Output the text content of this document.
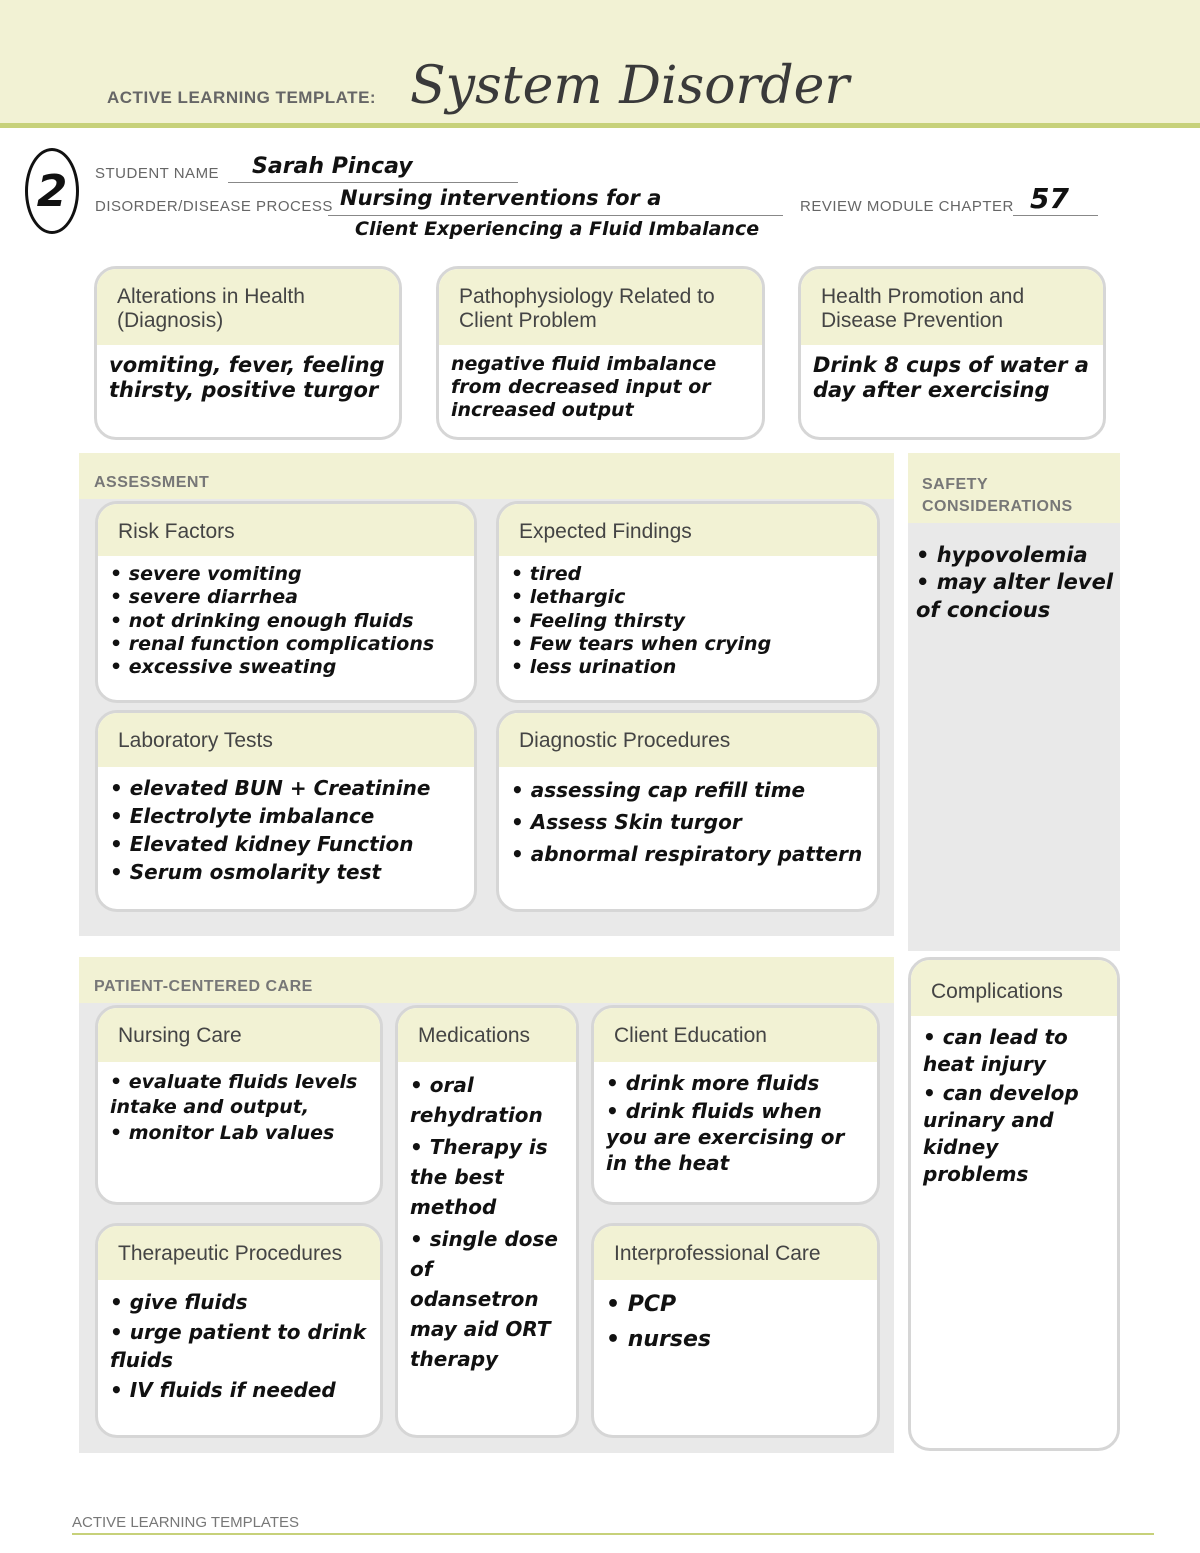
ACTIVE LEARNING TEMPLATE: System Disorder
2	STUDENT NAME Sarah Pincay
DISORDER/DISEASE PROCESS Nursing interventions for a
Client Experiencing a Fluid Imbalance
REVIEW MODULE CHAPTER 57
Alterations in Health (Diagnosis)
vomiting, fever, feeling thirsty, positive turgor
Pathophysiology Related to Client Problem
negative fluid imbalance from decreased input or increased output
Health Promotion and Disease Prevention
Drink 8 cups of water a day after exercising
ASSESSMENT
Risk Factors
• severe vomiting
• severe diarrhea
• not drinking enough fluids
• renal function complications
• excessive sweating
Expected Findings
• tired
• lethargic
• Feeling thirsty
• Few tears when crying
• less urination
Laboratory Tests
• elevated BUN + Creatinine
• Electrolyte imbalance
• Elevated kidney Function
• Serum osmolarity test
Diagnostic Procedures
• assessing cap refill time
• Assess Skin turgor
• abnormal respiratory pattern
SAFETY CONSIDERATIONS
• hypovolemia
• may alter level of concious
PATIENT-CENTERED CARE
Nursing Care
• evaluate fluids levels intake and output,
• monitor Lab values
Medications
• oral rehydration
• Therapy is the best method
• single dose of odansetron may aid ORT therapy
Client Education
• drink more fluids
• drink fluids when you are exercising or in the heat
Therapeutic Procedures
• give fluids
• urge patient to drink fluids
• IV fluids if needed
Interprofessional Care
• PCP
• nurses
Complications
• can lead to heat injury
• can develop urinary and kidney problems
ACTIVE LEARNING TEMPLATES
